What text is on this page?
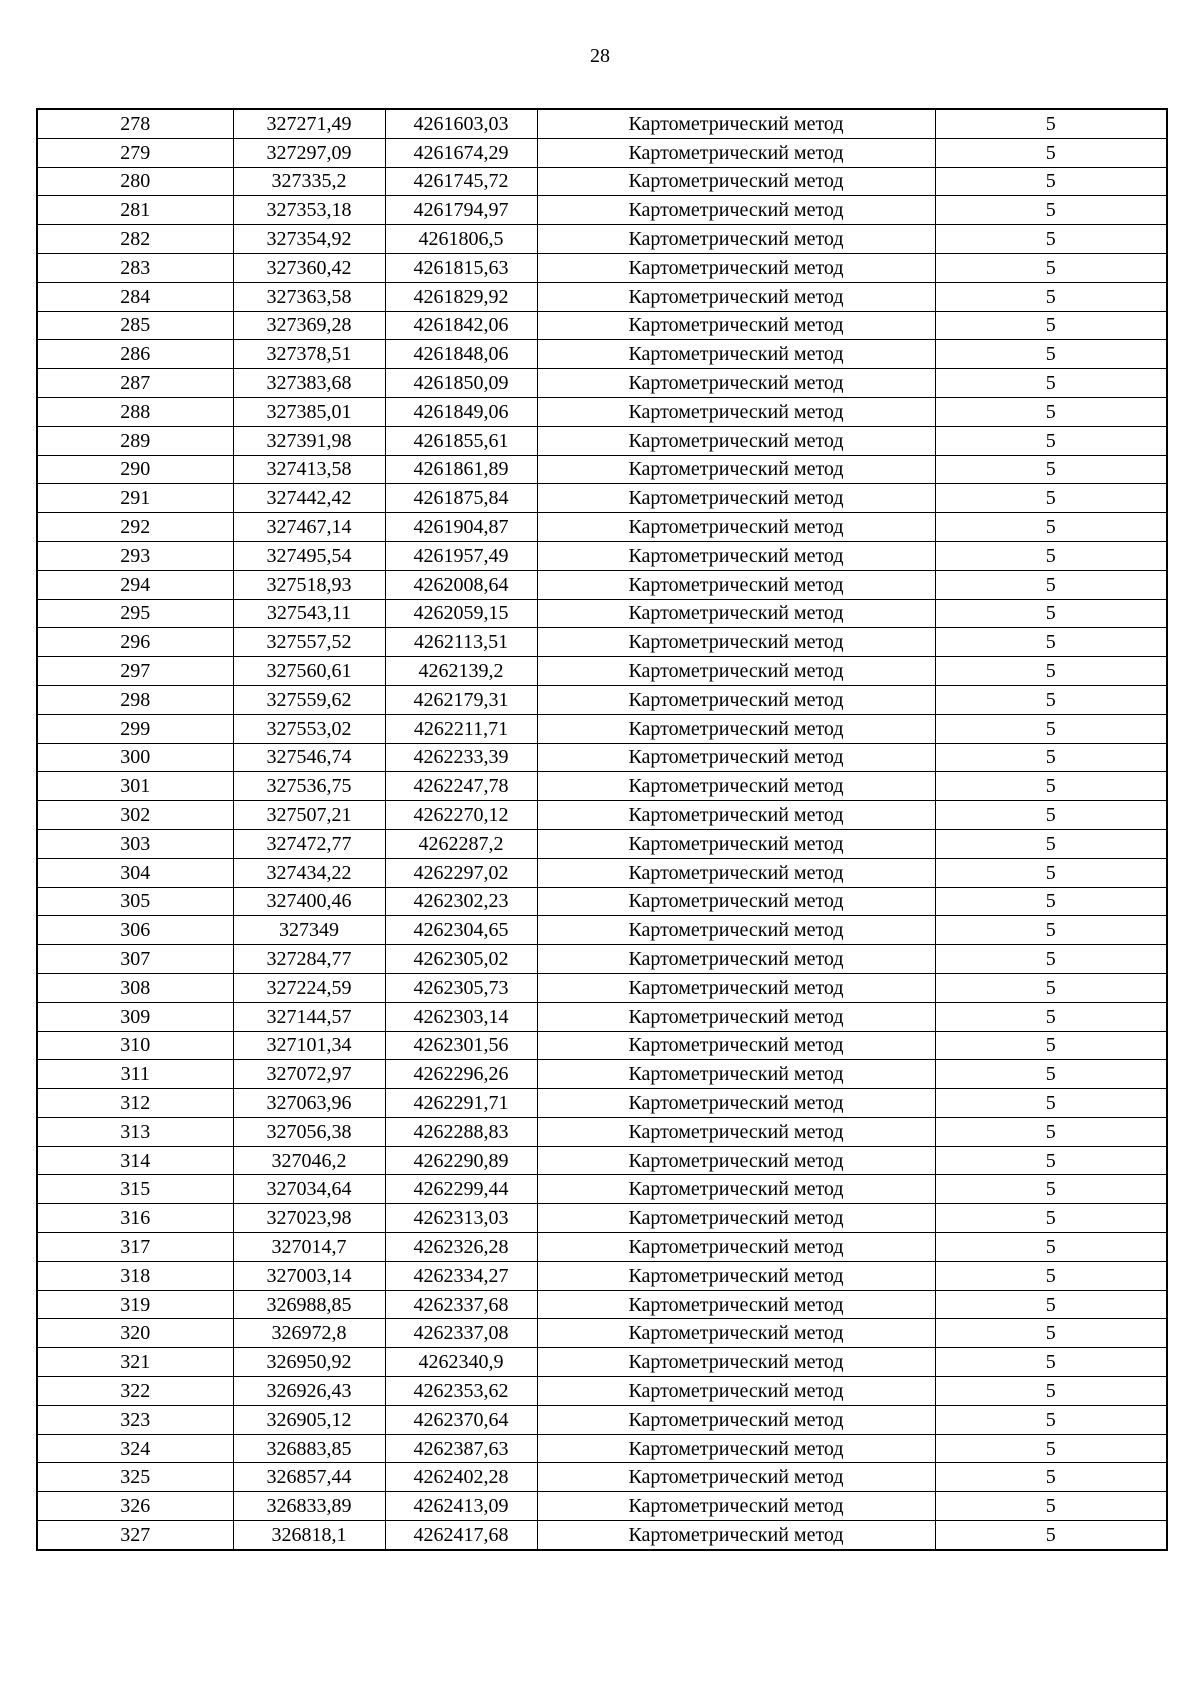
28
278	327271,49	4261603,03	Картометрический метод	5
279	327297,09	4261674,29	Картометрический метод	5
280	327335,2	4261745,72	Картометрический метод	5
281	327353,18	4261794,97	Картометрический метод	5
282	327354,92	4261806,5	Картометрический метод	5
283	327360,42	4261815,63	Картометрический метод	5
284	327363,58	4261829,92	Картометрический метод	5
285	327369,28	4261842,06	Картометрический метод	5
286	327378,51	4261848,06	Картометрический метод	5
287	327383,68	4261850,09	Картометрический метод	5
288	327385,01	4261849,06	Картометрический метод	5
289	327391,98	4261855,61	Картометрический метод	5
290	327413,58	4261861,89	Картометрический метод	5
291	327442,42	4261875,84	Картометрический метод	5
292	327467,14	4261904,87	Картометрический метод	5
293	327495,54	4261957,49	Картометрический метод	5
294	327518,93	4262008,64	Картометрический метод	5
295	327543,11	4262059,15	Картометрический метод	5
296	327557,52	4262113,51	Картометрический метод	5
297	327560,61	4262139,2	Картометрический метод	5
298	327559,62	4262179,31	Картометрический метод	5
299	327553,02	4262211,71	Картометрический метод	5
300	327546,74	4262233,39	Картометрический метод	5
301	327536,75	4262247,78	Картометрический метод	5
302	327507,21	4262270,12	Картометрический метод	5
303	327472,77	4262287,2	Картометрический метод	5
304	327434,22	4262297,02	Картометрический метод	5
305	327400,46	4262302,23	Картометрический метод	5
306	327349	4262304,65	Картометрический метод	5
307	327284,77	4262305,02	Картометрический метод	5
308	327224,59	4262305,73	Картометрический метод	5
309	327144,57	4262303,14	Картометрический метод	5
310	327101,34	4262301,56	Картометрический метод	5
311	327072,97	4262296,26	Картометрический метод	5
312	327063,96	4262291,71	Картометрический метод	5
313	327056,38	4262288,83	Картометрический метод	5
314	327046,2	4262290,89	Картометрический метод	5
315	327034,64	4262299,44	Картометрический метод	5
316	327023,98	4262313,03	Картометрический метод	5
317	327014,7	4262326,28	Картометрический метод	5
318	327003,14	4262334,27	Картометрический метод	5
319	326988,85	4262337,68	Картометрический метод	5
320	326972,8	4262337,08	Картометрический метод	5
321	326950,92	4262340,9	Картометрический метод	5
322	326926,43	4262353,62	Картометрический метод	5
323	326905,12	4262370,64	Картометрический метод	5
324	326883,85	4262387,63	Картометрический метод	5
325	326857,44	4262402,28	Картометрический метод	5
326	326833,89	4262413,09	Картометрический метод	5
327	326818,1	4262417,68	Картометрический метод	5
